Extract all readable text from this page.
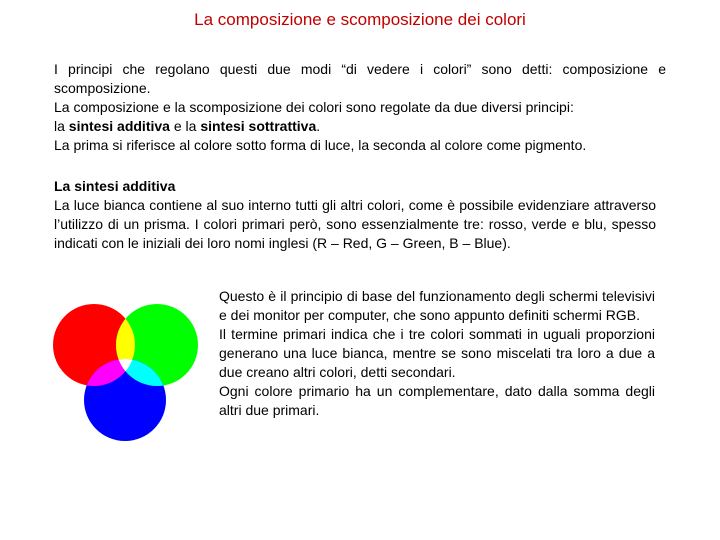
La composizione e scomposizione dei colori

I principi che regolano questi due modi “di vedere i colori” sono detti: composizione e scomposizione.

La composizione e la scomposizione dei colori sono regolate da due diversi principi:

la sintesi additiva e la sintesi sottrattiva.

La prima si riferisce al colore sotto forma di luce, la seconda al colore come pigmento.

La sintesi additiva
La luce bianca contiene al suo interno tutti gli altri colori, come è possibile evidenziare attraverso l’utilizzo di un prisma. I colori primari però, sono essenzialmente tre: rosso, verde e blu, spesso indicati con le iniziali dei loro nomi inglesi (R – Red, G – Green, B – Blue).

Questo è il principio di base del funzionamento degli schermi televisivi e dei monitor per computer, che sono appunto definiti schermi RGB.

Il termine primari indica che i tre colori sommati in uguali proporzioni generano una luce bianca, mentre se sono miscelati tra loro a due a due creano altri colori, detti secondari.

Ogni colore primario ha un complementare, dato dalla somma degli altri due primari.
